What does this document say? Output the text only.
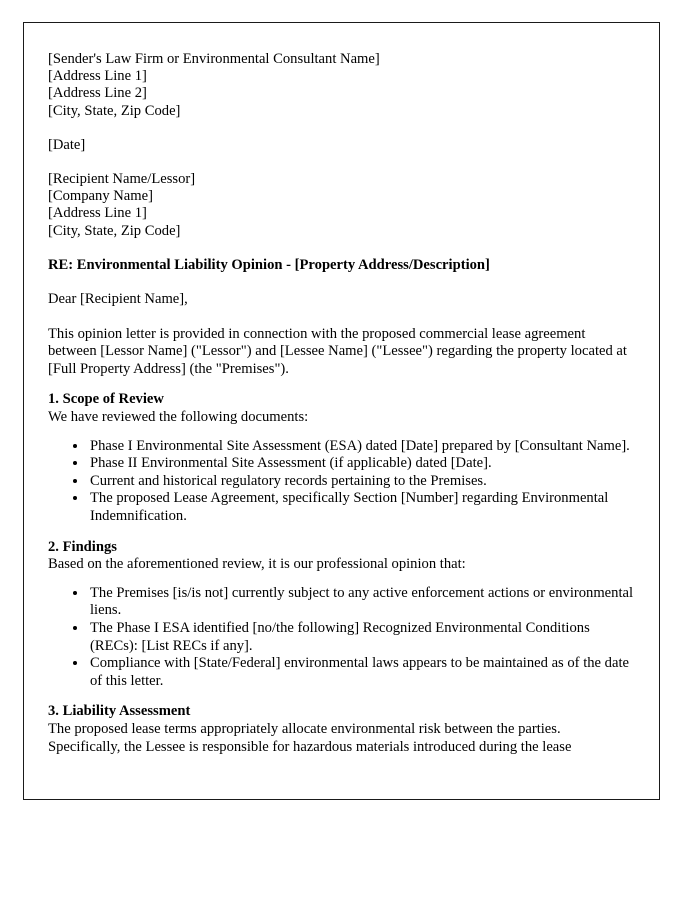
[Sender's Law Firm or Environmental Consultant Name]
[Address Line 1]
[Address Line 2]
[City, State, Zip Code]
[Date]
[Recipient Name/Lessor]
[Company Name]
[Address Line 1]
[City, State, Zip Code]
RE: Environmental Liability Opinion - [Property Address/Description]
Dear [Recipient Name],

This opinion letter is provided in connection with the proposed commercial lease agreement between [Lessor Name] ("Lessor") and [Lessee Name] ("Lessee") regarding the property located at [Full Property Address] (the "Premises").

1. Scope of Review
We have reviewed the following documents:
• Phase I Environmental Site Assessment (ESA) dated [Date] prepared by [Consultant Name].
• Phase II Environmental Site Assessment (if applicable) dated [Date].
• Current and historical regulatory records pertaining to the Premises.
• The proposed Lease Agreement, specifically Section [Number] regarding Environmental Indemnification.
2. Findings
Based on the aforementioned review, it is our professional opinion that:
• The Premises [is/is not] currently subject to any active enforcement actions or environmental liens.
• The Phase I ESA identified [no/the following] Recognized Environmental Conditions (RECs): [List RECs if any].
• Compliance with [State/Federal] environmental laws appears to be maintained as of the date of this letter.
3. Liability Assessment

The proposed lease terms appropriately allocate environmental risk between the parties. Specifically, the Lessee is responsible for hazardous materials introduced during the lease
